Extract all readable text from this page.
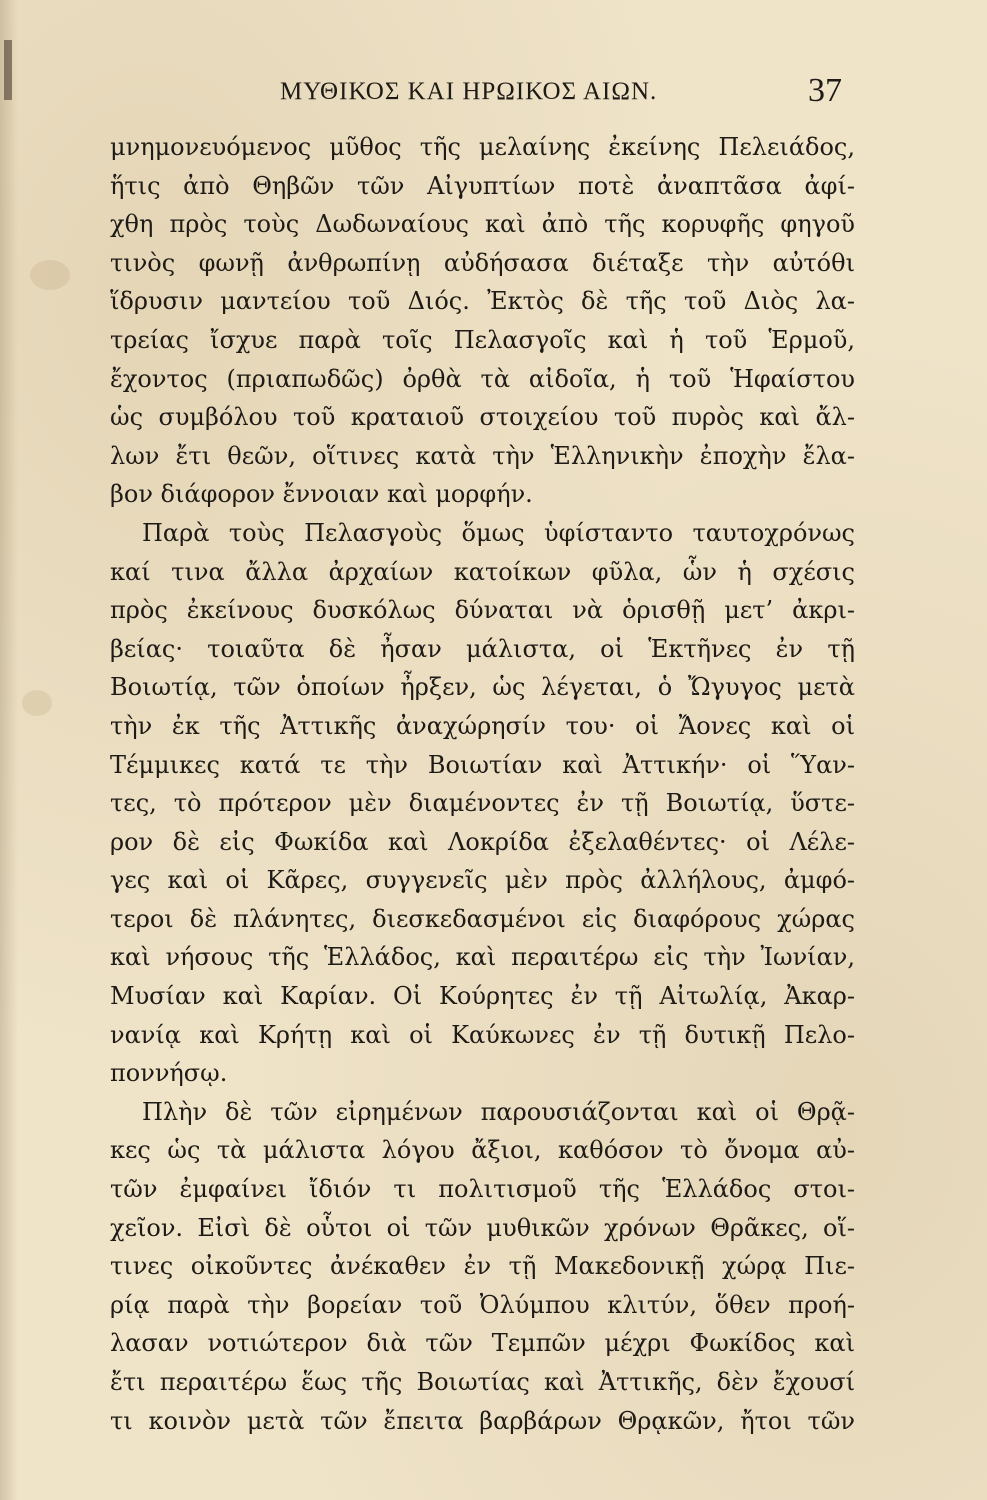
ΜΥΘΙΚΟΣ ΚΑΙ ΗΡΩΙΚΟΣ ΑΙΩΝ.	37
μνημονευόμενος μῦθος τῆς μελαίνης ἐκείνης Πελειάδος,
ἥτις ἀπὸ Θηβῶν τῶν Αἰγυπτίων ποτὲ ἀναπτᾶσα ἀφί-
χθη πρὸς τοὺς Δωδωναίους καὶ ἀπὸ τῆς κορυφῆς φηγοῦ
τινὸς φωνῇ ἀνθρωπίνῃ αὐδήσασα διέταξε τὴν αὐτόθι
ἵδρυσιν μαντείου τοῦ Διός. Ἐκτὸς δὲ τῆς τοῦ Διὸς λα-
τρείας ἴσχυε παρὰ τοῖς Πελασγοῖς καὶ ἡ τοῦ Ἑρμοῦ,
ἔχοντος (πριαπωδῶς) ὀρθὰ τὰ αἰδοῖα, ἡ τοῦ Ἡφαίστου
ὡς συμβόλου τοῦ κραταιοῦ στοιχείου τοῦ πυρὸς καὶ ἄλ-
λων ἔτι θεῶν, οἵτινες κατὰ τὴν Ἑλληνικὴν ἐποχὴν ἔλα-
βον διάφορον ἔννοιαν καὶ μορφήν.
Παρὰ τοὺς Πελασγοὺς ὅμως ὑφίσταντο ταυτοχρόνως
καί τινα ἄλλα ἀρχαίων κατοίκων φῦλα, ὧν ἡ σχέσις
πρὸς ἐκείνους δυσκόλως δύναται νὰ ὁρισθῇ μετ’ ἀκρι-
βείας· τοιαῦτα δὲ ἦσαν μάλιστα, οἱ Ἑκτῆνες ἐν τῇ
Βοιωτίᾳ, τῶν ὁποίων ἦρξεν, ὡς λέγεται, ὁ Ὤγυγος μετὰ
τὴν ἐκ τῆς Ἀττικῆς ἀναχώρησίν του· οἱ Ἄονες καὶ οἱ
Τέμμικες κατά τε τὴν Βοιωτίαν καὶ Ἀττικήν· οἱ Ὕαν-
τες, τὸ πρότερον μὲν διαμένοντες ἐν τῇ Βοιωτίᾳ, ὕστε-
ρον δὲ εἰς Φωκίδα καὶ Λοκρίδα ἐξελαθέντες· οἱ Λέλε-
γες καὶ οἱ Κᾶρες, συγγενεῖς μὲν πρὸς ἀλλήλους, ἀμφό-
τεροι δὲ πλάνητες, διεσκεδασμένοι εἰς διαφόρους χώρας
καὶ νήσους τῆς Ἑλλάδος, καὶ περαιτέρω εἰς τὴν Ἰωνίαν,
Μυσίαν καὶ Καρίαν. Οἱ Κούρητες ἐν τῇ Αἰτωλίᾳ, Ἀκαρ-
νανίᾳ καὶ Κρήτῃ καὶ οἱ Καύκωνες ἐν τῇ δυτικῇ Πελο-
ποννήσῳ.
Πλὴν δὲ τῶν εἰρημένων παρουσιάζονται καὶ οἱ Θρᾷ-
κες ὡς τὰ μάλιστα λόγου ἄξιοι, καθόσον τὸ ὄνομα αὐ-
τῶν ἐμφαίνει ἴδιόν τι πολιτισμοῦ τῆς Ἑλλάδος στοι-
χεῖον. Εἰσὶ δὲ οὗτοι οἱ τῶν μυθικῶν χρόνων Θρᾶκες, οἵ-
τινες οἰκοῦντες ἀνέκαθεν ἐν τῇ Μακεδονικῇ χώρᾳ Πιε-
ρίᾳ παρὰ τὴν βορείαν τοῦ Ὀλύμπου κλιτύν, ὅθεν προή-
λασαν νοτιώτερον διὰ τῶν Τεμπῶν μέχρι Φωκίδος καὶ
ἔτι περαιτέρω ἕως τῆς Βοιωτίας καὶ Ἀττικῆς, δὲν ἔχουσί
τι κοινὸν μετὰ τῶν ἔπειτα βαρβάρων Θρᾳκῶν, ἤτοι τῶν
